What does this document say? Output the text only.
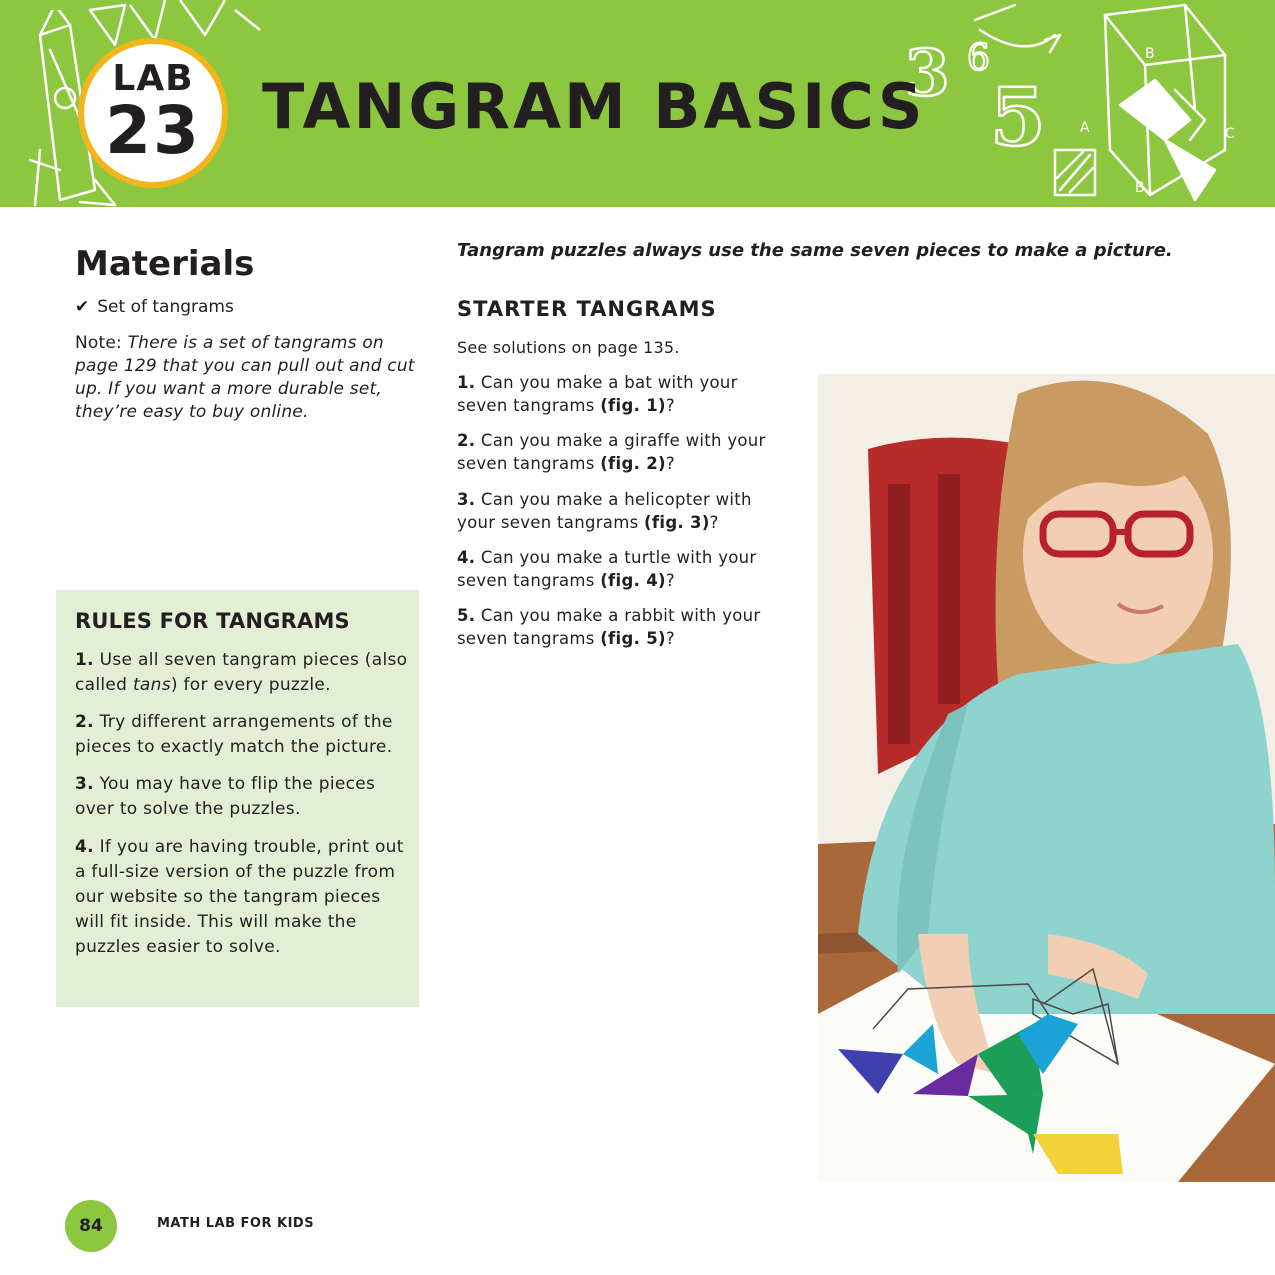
3 6
5 A
B
C
B
LAB
23 TANGRAM BASICS
Materials
✔ Set of tangrams
Note: There is a set of tangrams on page 129 that you can pull out and cut up. If you want a more durable set, they’re easy to buy online.
RULES FOR TANGRAMS
1. Use all seven tangram pieces (also called tans) for every puzzle.
2. Try different arrangements of the pieces to exactly match the picture.
3. You may have to flip the pieces over to solve the puzzles.
4. If you are having trouble, print out a full-size version of the puzzle from our website so the tangram pieces will fit inside. This will make the puzzles easier to solve.
Tangram puzzles always use the same seven pieces to make a picture.
STARTER TANGRAMS
See solutions on page 135.
1. Can you make a bat with your seven tangrams (fig. 1)?
2. Can you make a giraffe with your seven tangrams (fig. 2)?
3. Can you make a helicopter with your seven tangrams (fig. 3)?
4. Can you make a turtle with your seven tangrams (fig. 4)?
5. Can you make a rabbit with your seven tangrams (fig. 5)?
84	MATH LAB FOR KIDS
